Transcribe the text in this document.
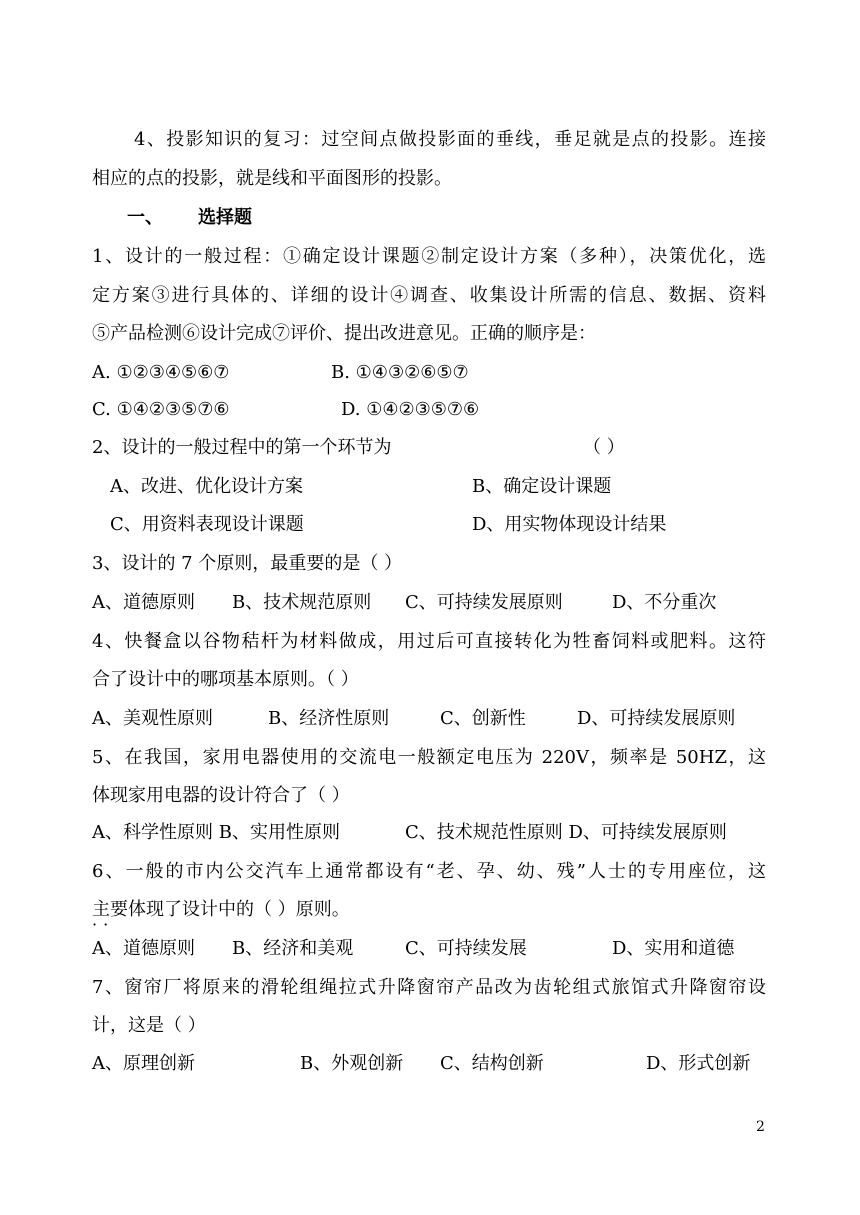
4、投影知识的复习：过空间点做投影面的垂线，垂足就是点的投影。连接
相应的点的投影，就是线和平面图形的投影。
一、 选择题
1、设计的一般过程：①确定设计课题②制定设计方案（多种），决策优化，选
定方案③进行具体的、详细的设计④调查、收集设计所需的信息、数据、资料
⑤产品检测⑥设计完成⑦评价、提出改进意见。正确的顺序是：
A. ①②③④⑤⑥⑦	B. ①④③②⑥⑤⑦
C. ①④②③⑤⑦⑥	D. ①④②③⑤⑦⑥
2、设计的一般过程中的第一个环节为	（ ）
A、改进、优化设计方案	B、确定设计课题
C、用资料表现设计课题	D、用实物体现设计结果
3、设计的 7 个原则，最重要的是（ ）
A、道德原则 B、技术规范原则 C、可持续发展原则	D、不分重次
4、快餐盒以谷物秸杆为材料做成，用过后可直接转化为牲畜饲料或肥料。这符
合了设计中的哪项基本原则。（ ）
A、美观性原则	B、经济性原则	C、创新性	D、可持续发展原则
5、在我国，家用电器使用的交流电一般额定电压为 220V，频率是 50HZ，这
体现家用电器的设计符合了（ ）
A、科学性原则 B、实用性原则	C、技术规范性原则 D、可持续发展原则
6、一般的市内公交汽车上通常都设有“老、孕、幼、残”人士的专用座位，这
主要体现了设计中的（ ）原则。
··
A、道德原则 B、经济和美观	C、可持续发展	D、实用和道德
7、窗帘厂将原来的滑轮组绳拉式升降窗帘产品改为齿轮组式旅馆式升降窗帘设
计，这是（ ）
A、原理创新	B、外观创新 C、结构创新	D、形式创新
2
